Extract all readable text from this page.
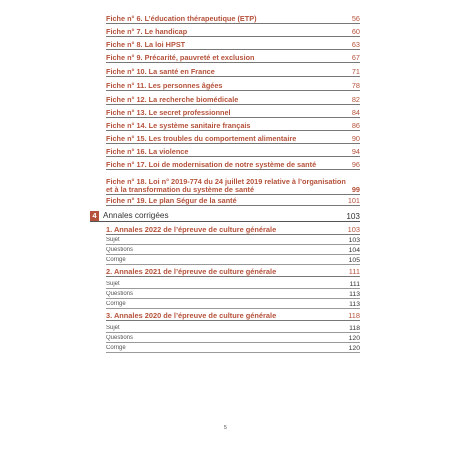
Fiche n° 6. L’éducation thérapeutique (ETP)	56
Fiche n° 7. Le handicap	60
Fiche n° 8. La loi HPST	63
Fiche n° 9. Précarité, pauvreté et exclusion	67
Fiche n° 10. La santé en France	71
Fiche n° 11. Les personnes âgées	78
Fiche n° 12. La recherche biomédicale	82
Fiche n° 13. Le secret professionnel	84
Fiche n° 14. Le système sanitaire français	86
Fiche n° 15. Les troubles du comportement alimentaire	90
Fiche n° 16. La violence	94
Fiche n° 17. Loi de modernisation de notre système de santé	96
Fiche n° 18. Loi n° 2019-774 du 24 juillet 2019 relative à l’organisation et à la transformation du système de santé	99
Fiche n° 19. Le plan Ségur de la santé	101
4 Annales corrigées	103
1. Annales 2022 de l’épreuve de culture générale	103
Sujet	103
Questions	104
Corrigé	105
2. Annales 2021 de l’épreuve de culture générale	111
Sujet	111
Questions	113
Corrigé	113
3. Annales 2020 de l’épreuve de culture générale	118
Sujet	118
Questions	120
Corrigé	120
5
